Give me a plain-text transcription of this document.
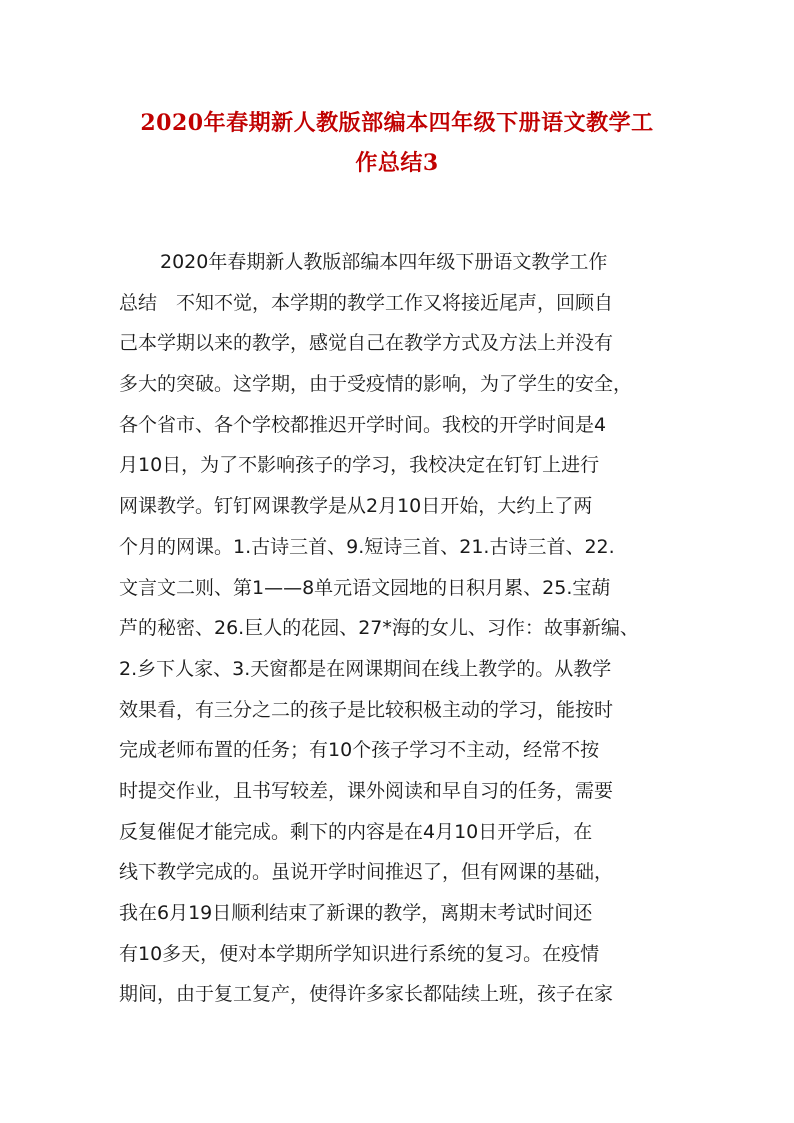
2020年春期新人教版部编本四年级下册语文教学工
作总结3
2020年春期新人教版部编本四年级下册语文教学工作
总结　不知不觉，本学期的教学工作又将接近尾声，回顾自
己本学期以来的教学，感觉自己在教学方式及方法上并没有
多大的突破。这学期，由于受疫情的影响，为了学生的安全，
各个省市、各个学校都推迟开学时间。我校的开学时间是4
月10日，为了不影响孩子的学习，我校决定在钉钉上进行
网课教学。钉钉网课教学是从2月10日开始，大约上了两
个月的网课。1.古诗三首、9.短诗三首、21.古诗三首、22.
文言文二则、第1——8单元语文园地的日积月累、25.宝葫
芦的秘密、26.巨人的花园、27*海的女儿、习作：故事新编、
2.乡下人家、3.天窗都是在网课期间在线上教学的。从教学
效果看，有三分之二的孩子是比较积极主动的学习，能按时
完成老师布置的任务；有10个孩子学习不主动，经常不按
时提交作业，且书写较差，课外阅读和早自习的任务，需要
反复催促才能完成。剩下的内容是在4月10日开学后，在
线下教学完成的。虽说开学时间推迟了，但有网课的基础，
我在6月19日顺利结束了新课的教学，离期末考试时间还
有10多天，便对本学期所学知识进行系统的复习。在疫情
期间，由于复工复产，使得许多家长都陆续上班，孩子在家
